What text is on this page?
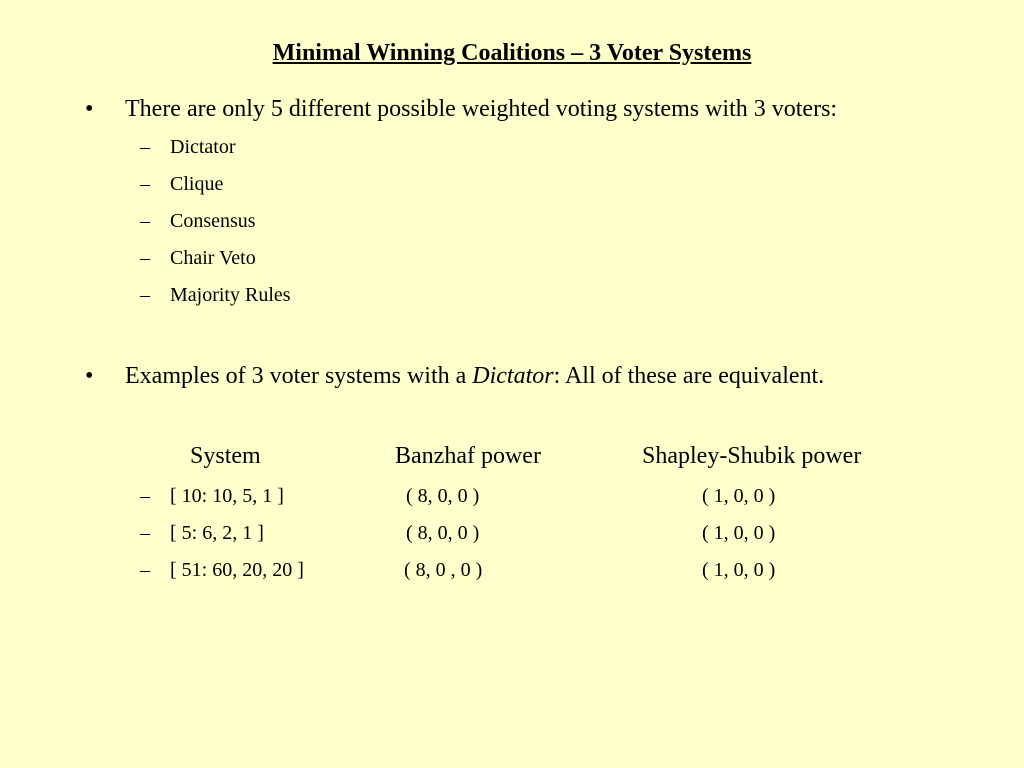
Minimal Winning Coalitions – 3 Voter Systems
• There are only 5 different possible weighted voting systems with 3 voters:
– Dictator
– Clique
– Consensus
– Chair Veto
– Majority Rules
• Examples of 3 voter systems with a Dictator: All of these are equivalent.
System	Banzhaf power	Shapley-Shubik power
– [ 10: 10, 5, 1 ]	( 8, 0, 0 )	( 1, 0, 0 )
– [ 5: 6, 2, 1 ]	( 8, 0, 0 )	( 1, 0, 0 )
– [ 51: 60, 20, 20 ]	( 8, 0 , 0 )	( 1, 0, 0 )
